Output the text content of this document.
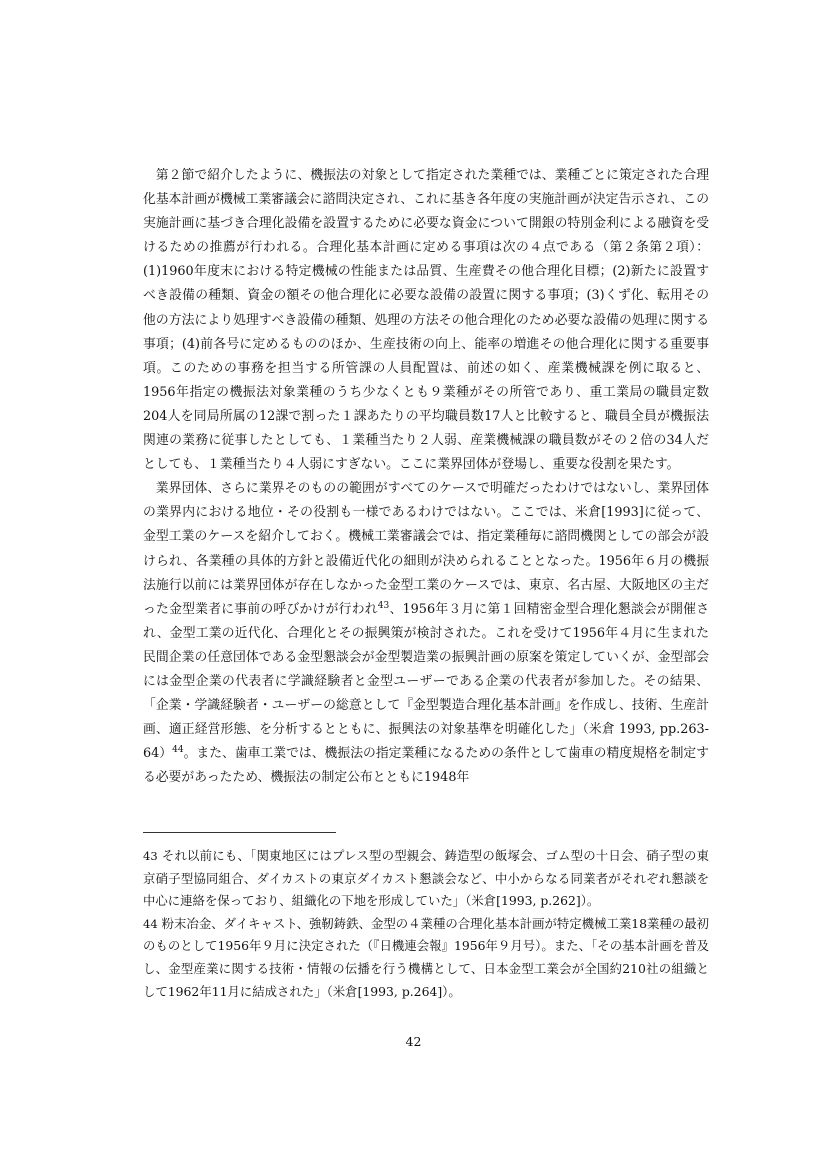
第２節で紹介したように、機振法の対象として指定された業種では、業種ごとに策定された合理化基本計画が機械工業審議会に諮問決定され、これに基き各年度の実施計画が決定告示され、この実施計画に基づき合理化設備を設置するために必要な資金について開銀の特別金利による融資を受けるための推薦が行われる。合理化基本計画に定める事項は次の４点である（第２条第２項）：(1)1960年度末における特定機械の性能または品質、生産費その他合理化目標；(2)新たに設置すべき設備の種類、資金の額その他合理化に必要な設備の設置に関する事項；(3)くず化、転用その他の方法により処理すべき設備の種類、処理の方法その他合理化のため必要な設備の処理に関する事項；(4)前各号に定めるもののほか、生産技術の向上、能率の増進その他合理化に関する重要事項。このための事務を担当する所管課の人員配置は、前述の如く、産業機械課を例に取ると、1956年指定の機振法対象業種のうち少なくとも９業種がその所管であり、重工業局の職員定数204人を同局所属の12課で割った１課あたりの平均職員数17人と比較すると、職員全員が機振法関連の業務に従事したとしても、１業種当たり２人弱、産業機械課の職員数がその２倍の34人だとしても、１業種当たり４人弱にすぎない。ここに業界団体が登場し、重要な役割を果たす。

業界団体、さらに業界そのものの範囲がすべてのケースで明確だったわけではないし、業界団体の業界内における地位・その役割も一様であるわけではない。ここでは、米倉[1993]に従って、金型工業のケースを紹介しておく。機械工業審議会では、指定業種毎に諮問機関としての部会が設けられ、各業種の具体的方針と設備近代化の細則が決められることとなった。1956年６月の機振法施行以前には業界団体が存在しなかった金型工業のケースでは、東京、名古屋、大阪地区の主だった金型業者に事前の呼びかけが行われ$^{43}$、1956年３月に第１回精密金型合理化懇談会が開催され、金型工業の近代化、合理化とその振興策が検討された。これを受けて1956年４月に生まれた民間企業の任意団体である金型懇談会が金型製造業の振興計画の原案を策定していくが、金型部会には金型企業の代表者に学識経験者と金型ユーザーである企業の代表者が参加した。その結果、「企業・学識経験者・ユーザーの総意として『金型製造合理化基本計画』を作成し、技術、生産計画、適正経営形態、を分析するとともに、振興法の対象基準を明確化した」（米倉 1993, pp.263-64）$^{44}$。また、歯車工業では、機振法の指定業種になるための条件として歯車の精度規格を制定する必要があったため、機振法の制定公布とともに1948年

43 それ以前にも、「関東地区にはプレス型の型親会、鋳造型の飯塚会、ゴム型の十日会、硝子型の東京硝子型協同組合、ダイカストの東京ダイカスト懇談会など、中小からなる同業者がそれぞれ懇談を中心に連絡を保っており、組織化の下地を形成していた」（米倉[1993, p.262]）。

44 粉末冶金、ダイキャスト、強靭鋳鉄、金型の４業種の合理化基本計画が特定機械工業18業種の最初のものとして1956年９月に決定された（『日機連会報』1956年９月号）。また、「その基本計画を普及し、金型産業に関する技術・情報の伝播を行う機構として、日本金型工業会が全国約210社の組織として1962年11月に結成された」（米倉[1993, p.264]）。

42
